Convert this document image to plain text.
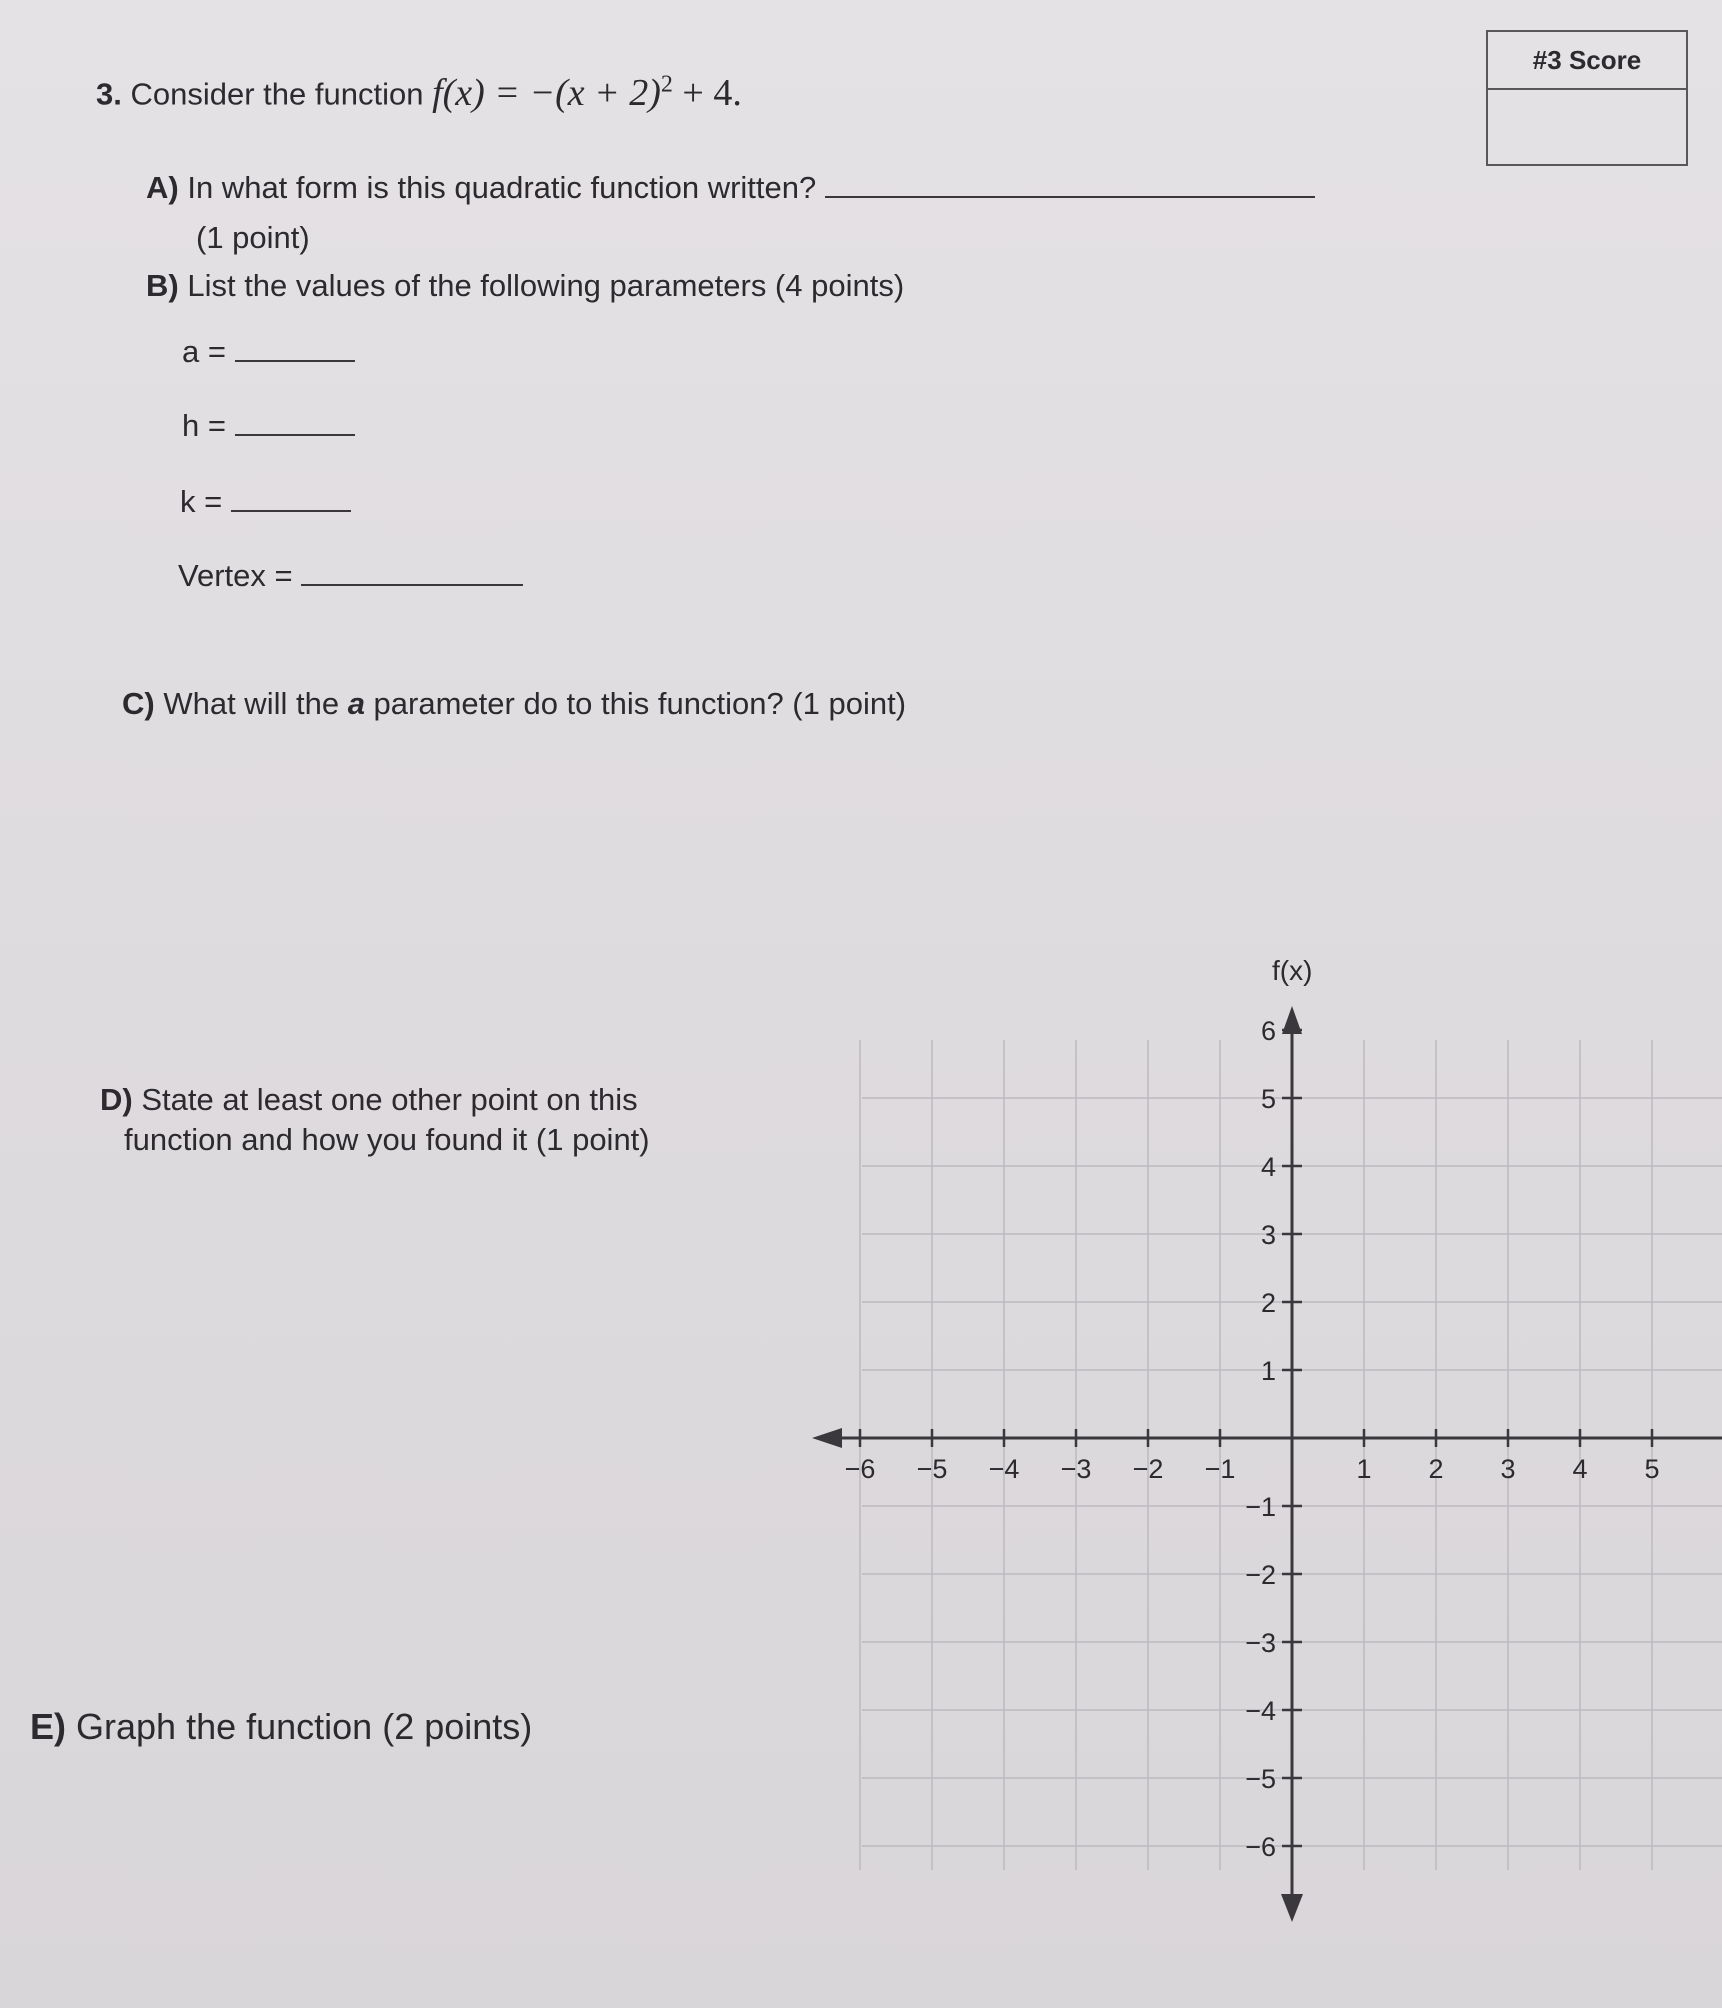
3. Consider the function $f(x) = -(x + 2)^2 + 4$.
#3 Score
A) In what form is this quadratic function written?
(1 point)
B) List the values of the following parameters (4 points)
a =
h =
k =
Vertex =
C) What will the a parameter do to this function? (1 point)
D) State at least one other point on this
function and how you found it (1 point)
E) Graph the function (2 points)
−6 −5 −4 −3 −2 −1	1 2 3 4 5
6
5
4
3
2
1
−1
−2
−3
−4
−5
−6
f(x)
